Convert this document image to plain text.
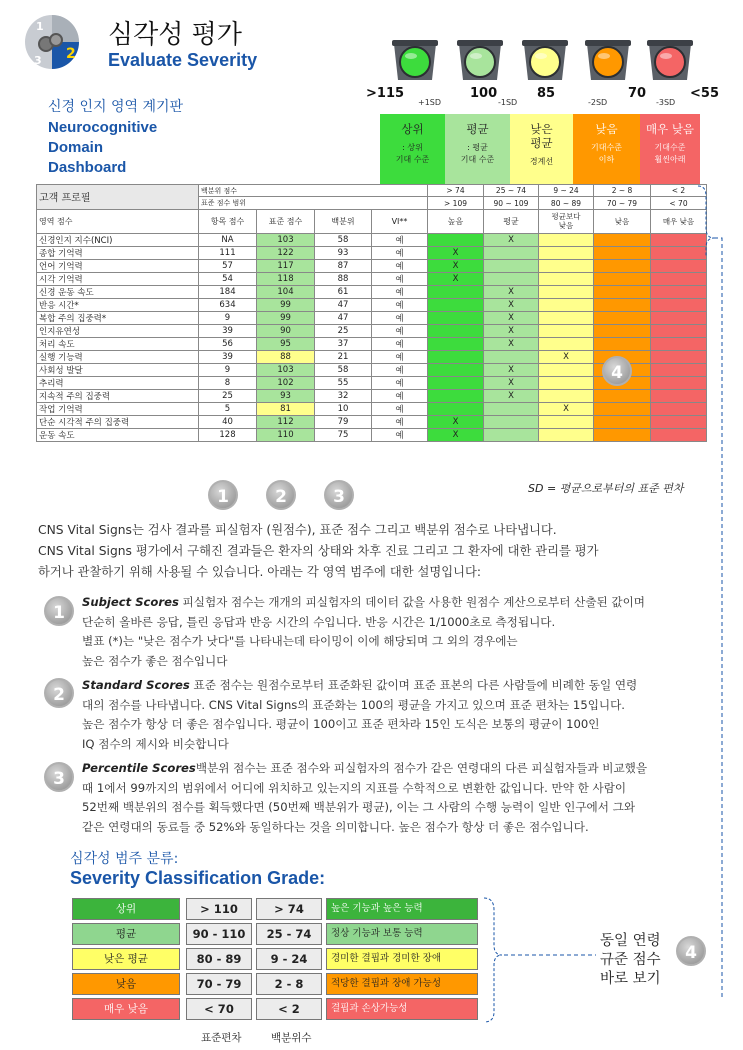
1
2
3
심각성 평가
Evaluate Severity
>115	100	85	70	<55
+1SD	-1SD	-2SD	-3SD
신경 인지 영역 계기판
Neurocognitive
Domain
Dashboard
상위
: 상위
기대 수준
평균
: 평균
기대 수준
낮은
평균
경계선
낮음
기대수준
이하
매우 낮음
기대수준
훨씬아래
고객 프로필	백분위 점수				> 74	25 ~ 74	9 ~ 24	2 ~ 8	< 2
	표준 점수 범위				> 109	90 ~ 109	80 ~ 89	70 ~ 79	< 70
영역 점수	항목 점수	표준 점수	백분위	VI**	높음	평균	평균보다
낮음	낮음	매우 낮음
신경인지 지수(NCI)	NA	103	58	예		X			
종합 기억력	111	122	93	예	X				
언어 기억력	57	117	87	예	X				
시각 기억력	54	118	88	예	X				
신경 운동 속도	184	104	61	예		X			
반응 시간*	634	99	47	예		X			
복합 주의 집중력*	9	99	47	예		X			
인지유연성	39	90	25	예		X			
처리 속도	56	95	37	예		X			
실행 기능력	39	88	21	예			X		
사회성 발달	9	103	58	예		X			
추리력	8	102	55	예		X			
지속적 주의 집중력	25	93	32	예		X			
작업 기억력	5	81	10	예			X		
단순 시각적 주의 집중력	40	112	79	예	X				
운동 속도	128	110	75	예	X				
1	2	3
4
SD = 평균으로부터의 표준 편차
CNS Vital Signs는 검사 결과를 피실험자 (원점수), 표준 점수 그리고 백분위 점수로 나타냅니다.
CNS Vital Signs 평가에서 구해진 결과들은 환자의 상태와 차후 진료 그리고 그 환자에 대한 관리를 평가
하거나 관찰하기 위해 사용될 수 있습니다. 아래는 각 영역 범주에 대한 설명입니다:
1
Subject Scores 피실험자 점수는 개개의 피실험자의 데이터 값을 사용한 원점수 계산으로부터 산출된 값이며
단순히 올바른 응답, 틀린 응답과 반응 시간의 수입니다. 반응 시간은 1/1000초로 측정됩니다.
별표 (*)는 "낮은 점수가 낫다"를 나타내는데 타이밍이 이에 해당되며 그 외의 경우에는
높은 점수가 좋은 점수입니다
2	Standard Scores 표준 점수는 원점수로부터 표준화된 값이며 표준 표본의 다른 사람들에 비례한 동일 연령
대의 점수를 나타냅니다. CNS Vital Signs의 표준화는 100의 평균을 가지고 있으며 표준 편차는 15입니다.
높은 점수가 항상 더 좋은 점수입니다. 평균이 100이고 표준 편차라 15인 도식은 보통의 평균이 100인
IQ 점수의 제시와 비슷합니다
3
Percentile Scores백분위 점수는 표준 점수와 피실험자의 점수가 같은 연령대의 다른 피실험자들과 비교했을
때 1에서 99까지의 범위에서 어디에 위치하고 있는지의 지표를 수학적으로 변환한 값입니다. 만약 한 사람이
52번째 백분위의 점수를 획득했다면 (50번째 백분위가 평균), 이는 그 사람의 수행 능력이 일반 인구에서 그와
같은 연령대의 동료들 중 52%와 동일하다는 것을 의미합니다. 높은 점수가 항상 더 좋은 점수입니다.
심각성 범주 분류:
Severity Classification Grade:
상위	> 110	> 74	높은 기능과 높은 능력
평균	90 - 110	25 - 74	정상 기능과 보통 능력
낮은 평균	80 - 89	9 - 24	경미한 결핍과 경미한 장애
낮음	70 - 79	2 - 8	적당한 결핍과 장애 가능성
매우 낮음	< 70	< 2	결핍과 손상가능성
표준편차	백분위수
동일 연령
규준 점수
바로 보기
4
